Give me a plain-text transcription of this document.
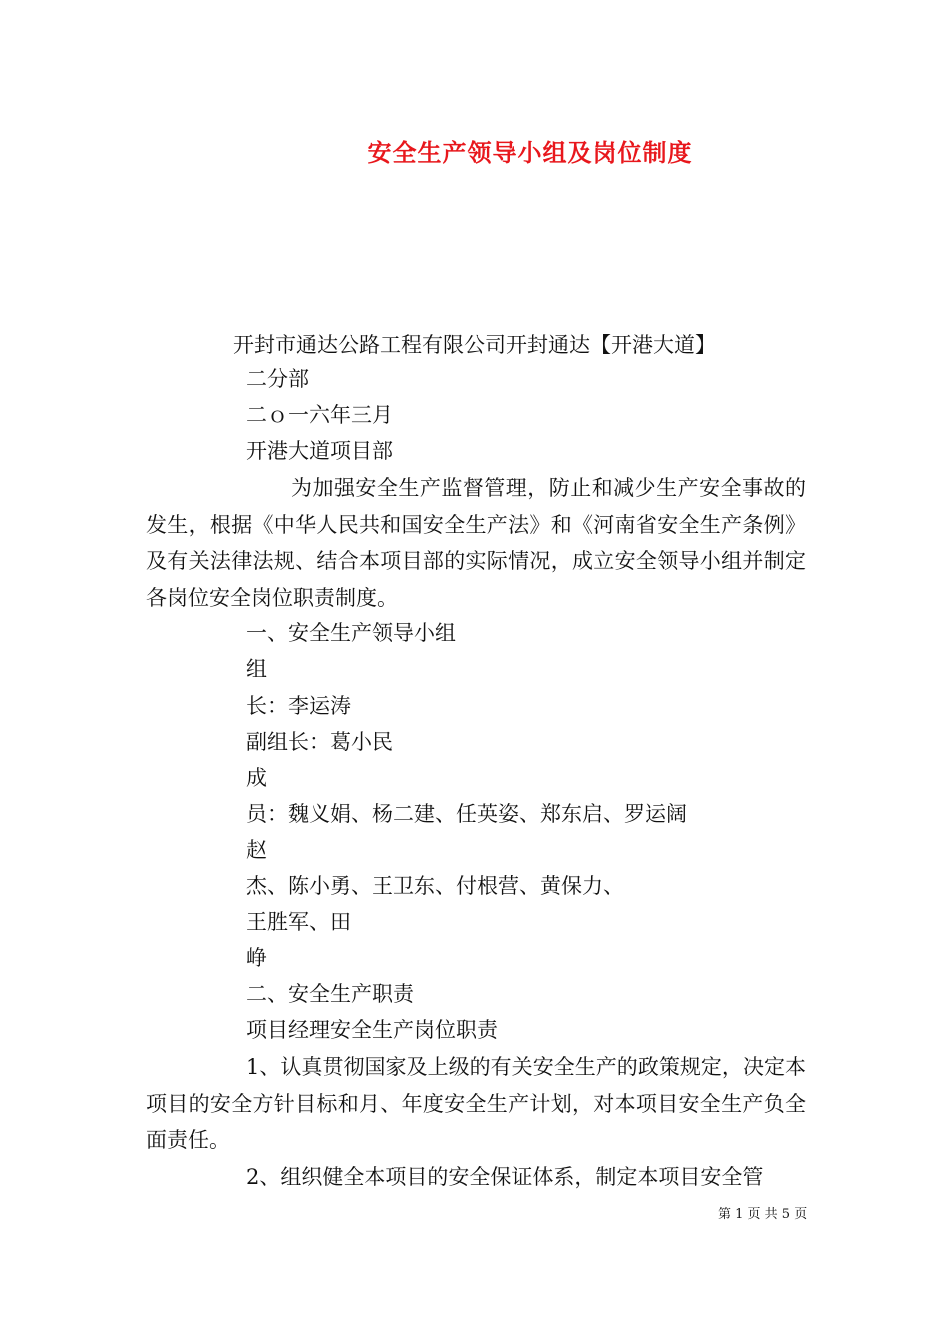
安全生产领导小组及岗位制度
开封市通达公路工程有限公司开封通达【开港大道】
二分部
二ｏ一六年三月
开港大道项目部
为加强安全生产监督管理，防止和减少生产安全事故的发生，根据《中华人民共和国安全生产法》和《河南省安全生产条例》及有关法律法规、结合本项目部的实际情况，成立安全领导小组并制定各岗位安全岗位职责制度。
一、安全生产领导小组
组
长：李运涛
副组长：葛小民
成
员：魏义娟、杨二建、任英姿、郑东启、罗运阔
赵
杰、陈小勇、王卫东、付根营、黄保力、
王胜军、田
峥
二、安全生产职责
项目经理安全生产岗位职责
1、认真贯彻国家及上级的有关安全生产的政策规定，决定本项目的安全方针目标和月、年度安全生产计划，对本项目安全生产负全面责任。
2、组织健全本项目的安全保证体系，制定本项目安全管
第 1 页 共 5 页
